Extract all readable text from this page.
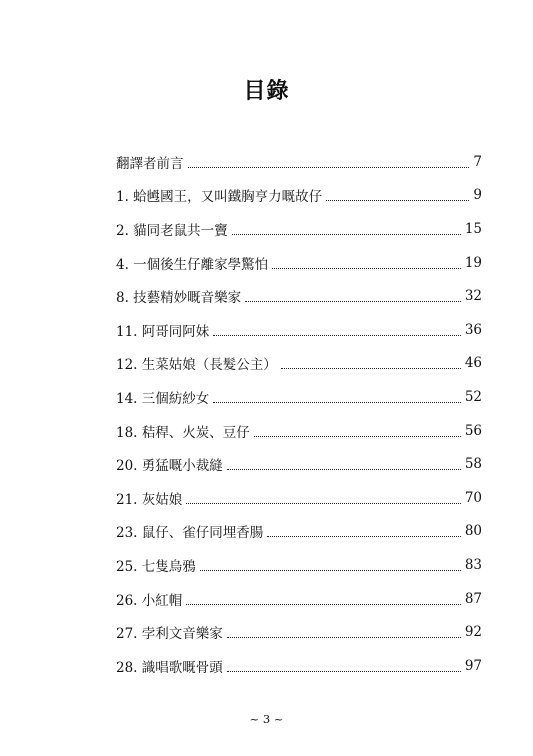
目錄
翻譯者前言	7
1. 蛤乸國王，又叫鐵胸亨力嘅故仔	9
2. 貓同老鼠共一竇	15
4. 一個後生仔離家學驚怕	19
8. 技藝精妙嘅音樂家	32
11. 阿哥同阿妹	36
12. 生菜姑娘（長髮公主）	46
14. 三個紡紗女	52
18. 秸稈、火炭、豆仔	56
20. 勇猛嘅小裁縫	58
21. 灰姑娘	70
23. 鼠仔、雀仔同埋香腸	80
25. 七隻烏鴉	83
26. 小紅帽	87
27. 孛利文音樂家	92
28. 識唱歌嘅骨頭	97
~ 3 ~
